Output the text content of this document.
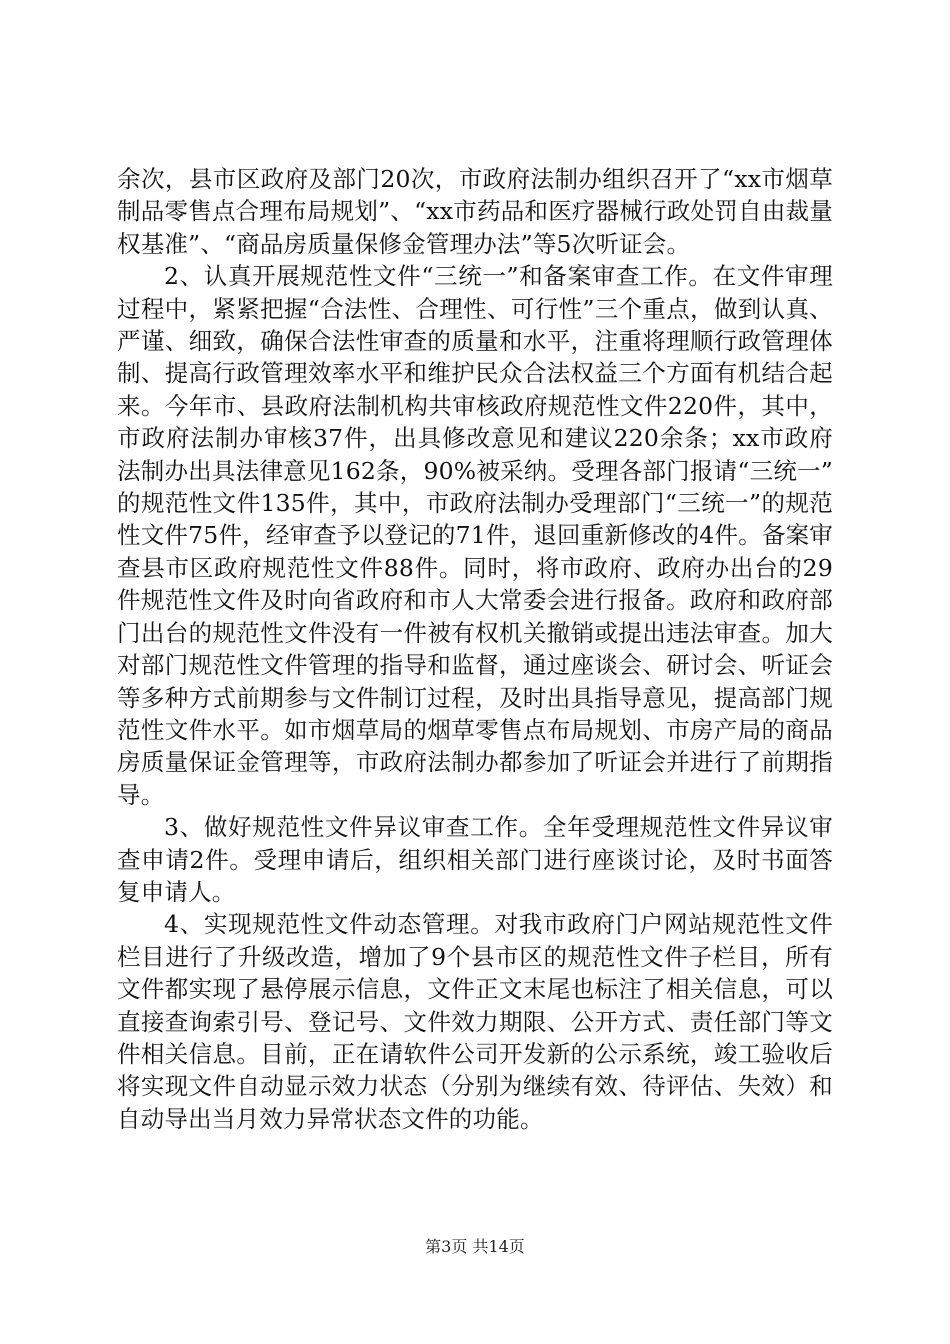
余次，县市区政府及部门20次，市政府法制办组织召开了“xx市烟草制品零售点合理布局规划”、“xx市药品和医疗器械行政处罚自由裁量权基准”、“商品房质量保修金管理办法”等5次听证会。

2、认真开展规范性文件“三统一”和备案审查工作。在文件审理过程中，紧紧把握“合法性、合理性、可行性”三个重点，做到认真、严谨、细致，确保合法性审查的质量和水平，注重将理顺行政管理体制、提高行政管理效率水平和维护民众合法权益三个方面有机结合起来。今年市、县政府法制机构共审核政府规范性文件220件，其中，市政府法制办审核37件，出具修改意见和建议220余条；xx市政府法制办出具法律意见162条，90%被采纳。受理各部门报请“三统一”的规范性文件135件，其中，市政府法制办受理部门“三统一”的规范性文件75件，经审查予以登记的71件，退回重新修改的4件。备案审查县市区政府规范性文件88件。同时，将市政府、政府办出台的29件规范性文件及时向省政府和市人大常委会进行报备。政府和政府部门出台的规范性文件没有一件被有权机关撤销或提出违法审查。加大对部门规范性文件管理的指导和监督，通过座谈会、研讨会、听证会等多种方式前期参与文件制订过程，及时出具指导意见，提高部门规范性文件水平。如市烟草局的烟草零售点布局规划、市房产局的商品房质量保证金管理等，市政府法制办都参加了听证会并进行了前期指导。

3、做好规范性文件异议审查工作。全年受理规范性文件异议审查申请2件。受理申请后，组织相关部门进行座谈讨论，及时书面答复申请人。

4、实现规范性文件动态管理。对我市政府门户网站规范性文件栏目进行了升级改造，增加了9个县市区的规范性文件子栏目，所有文件都实现了悬停展示信息，文件正文末尾也标注了相关信息，可以直接查询索引号、登记号、文件效力期限、公开方式、责任部门等文件相关信息。目前，正在请软件公司开发新的公示系统，竣工验收后将实现文件自动显示效力状态（分别为继续有效、待评估、失效）和自动导出当月效力异常状态文件的功能。

第3页 共14页
